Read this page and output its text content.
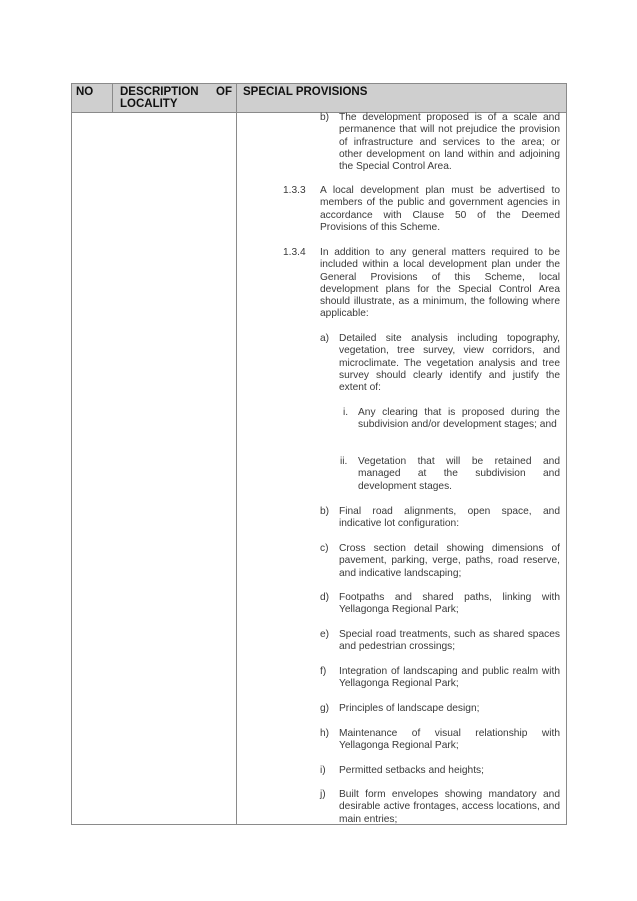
NO DESCRIPTION OF LOCALITY
SPECIAL PROVISIONS
b) The development proposed is of a scale and permanence that will not prejudice the provision of infrastructure and services to the area; or other development on land within and adjoining the Special Control Area.
1.3.3 A local development plan must be advertised to members of the public and government agencies in accordance with Clause 50 of the Deemed Provisions of this Scheme.
1.3.4 In addition to any general matters required to be included within a local development plan under the General Provisions of this Scheme, local development plans for the Special Control Area should illustrate, as a minimum, the following where applicable:
a) Detailed site analysis including topography, vegetation, tree survey, view corridors, and microclimate. The vegetation analysis and tree survey should clearly identify and justify the extent of:
i. Any clearing that is proposed during the subdivision and/or development stages; and
ii. Vegetation that will be retained and managed at the subdivision and development stages.
b) Final road alignments, open space, and indicative lot configuration:
c) Cross section detail showing dimensions of pavement, parking, verge, paths, road reserve, and indicative landscaping;
d) Footpaths and shared paths, linking with Yellagonga Regional Park;
e) Special road treatments, such as shared spaces and pedestrian crossings;
f) Integration of landscaping and public realm with Yellagonga Regional Park;
g) Principles of landscape design;
h) Maintenance of visual relationship with Yellagonga Regional Park;
i) Permitted setbacks and heights;
j) Built form envelopes showing mandatory and desirable active frontages, access locations, and main entries;
